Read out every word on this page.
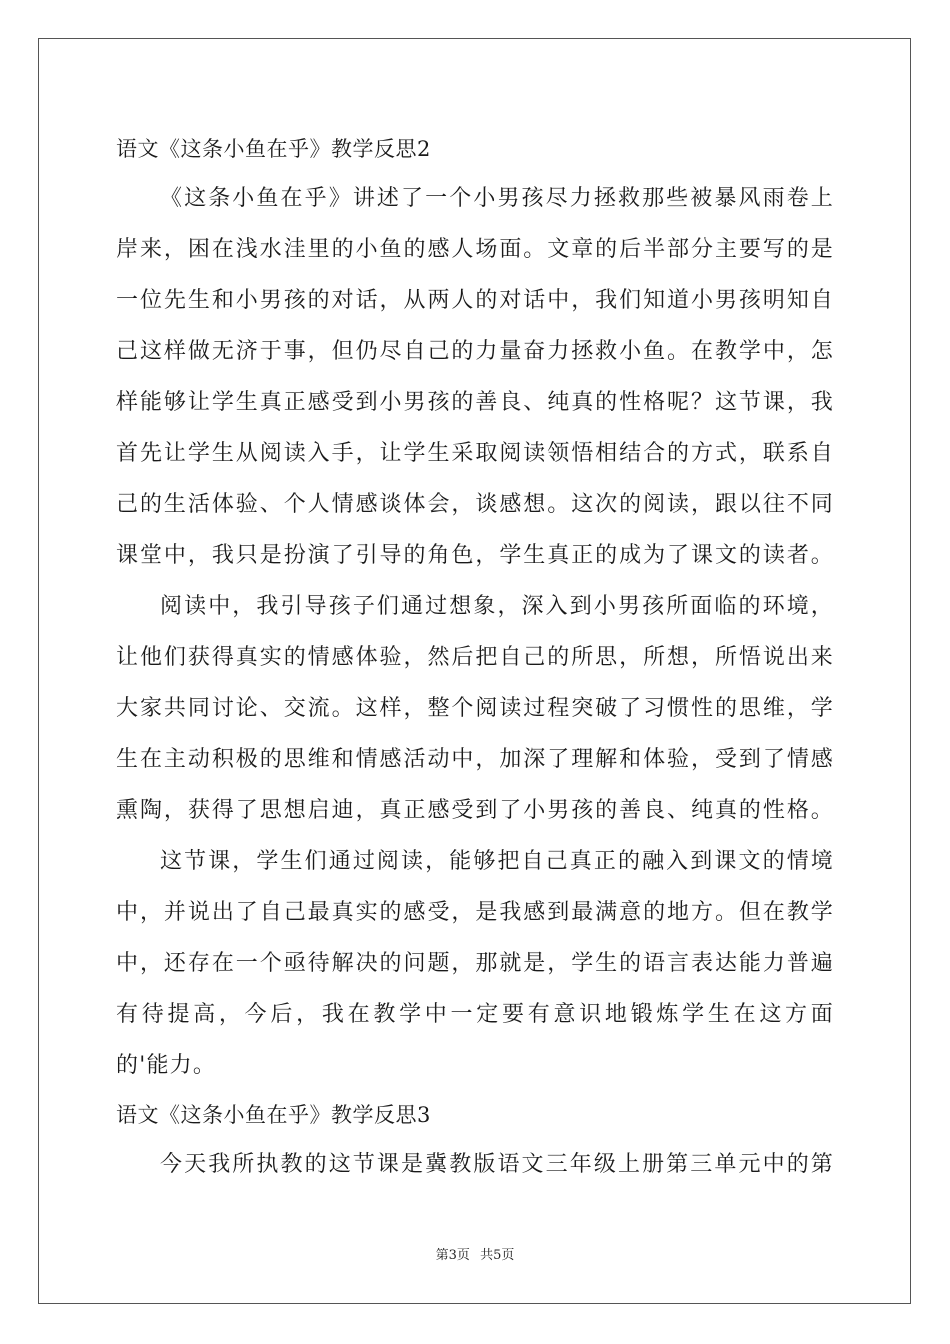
语文《这条小鱼在乎》教学反思2
《这条小鱼在乎》讲述了一个小男孩尽力拯救那些被暴风雨卷上
岸来，困在浅水洼里的小鱼的感人场面。文章的后半部分主要写的是
一位先生和小男孩的对话，从两人的对话中，我们知道小男孩明知自
己这样做无济于事，但仍尽自己的力量奋力拯救小鱼。在教学中，怎
样能够让学生真正感受到小男孩的善良、纯真的性格呢？这节课，我
首先让学生从阅读入手，让学生采取阅读领悟相结合的方式，联系自
己的生活体验、个人情感谈体会，谈感想。这次的阅读，跟以往不同
课堂中，我只是扮演了引导的角色，学生真正的成为了课文的读者。
阅读中，我引导孩子们通过想象，深入到小男孩所面临的环境，
让他们获得真实的情感体验，然后把自己的所思，所想，所悟说出来
大家共同讨论、交流。这样，整个阅读过程突破了习惯性的思维，学
生在主动积极的思维和情感活动中，加深了理解和体验，受到了情感
熏陶，获得了思想启迪，真正感受到了小男孩的善良、纯真的性格。
这节课，学生们通过阅读，能够把自己真正的融入到课文的情境
中，并说出了自己最真实的感受，是我感到最满意的地方。但在教学
中，还存在一个亟待解决的问题，那就是，学生的语言表达能力普遍
有待提高，今后，我在教学中一定要有意识地锻炼学生在这方面
的'能力。
语文《这条小鱼在乎》教学反思3
今天我所执教的这节课是冀教版语文三年级上册第三单元中的第
第3页 共5页
